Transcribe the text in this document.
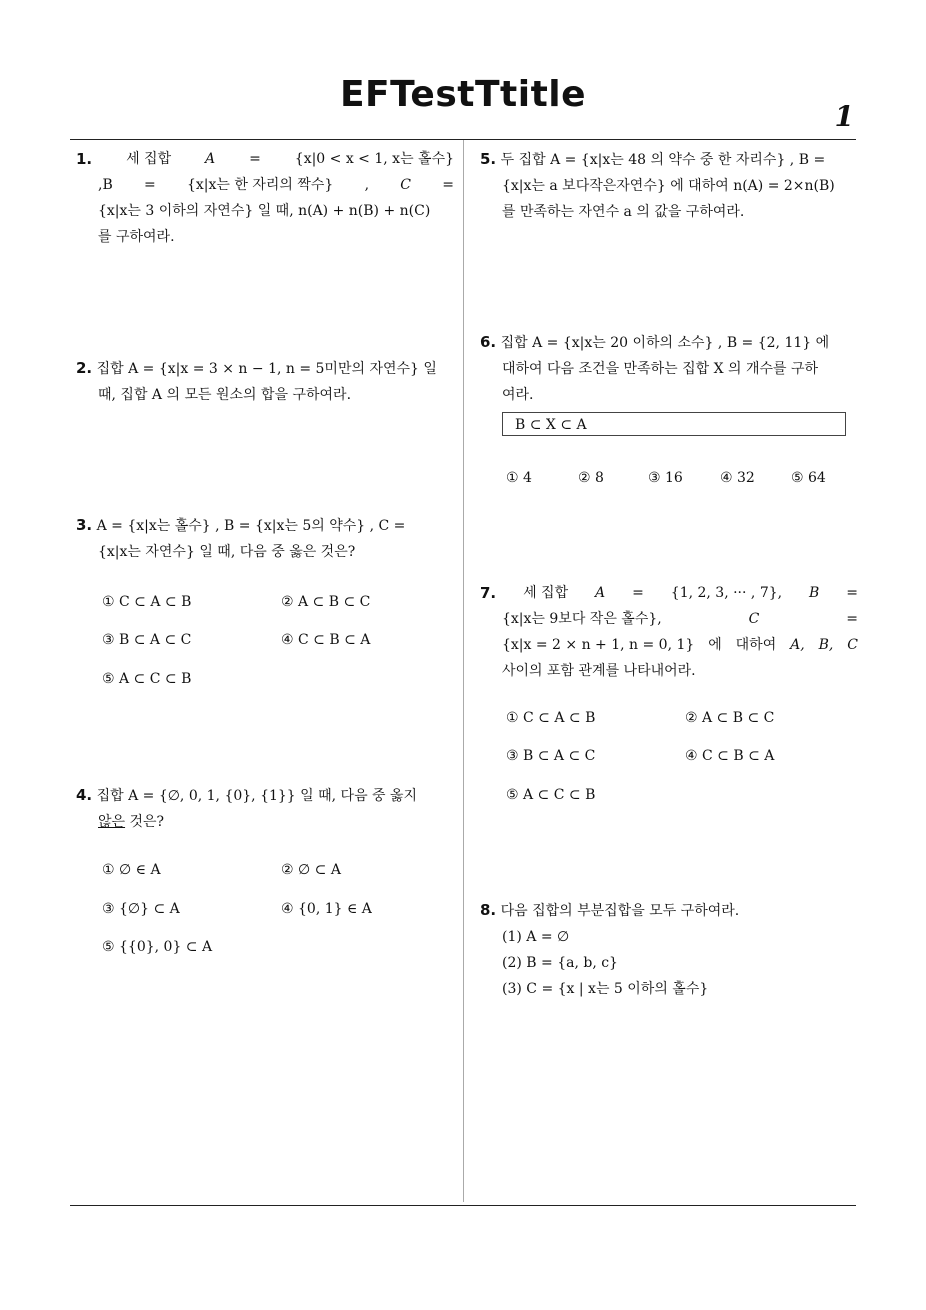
EFTestTtitle
1
1. 세 집합 A = {x|0 < x < 1, x는 홀수}
,B = {x|x는 한 자리의 짝수} , C =
{x|x는 3 이하의 자연수} 일 때, n(A) + n(B) + n(C)
를 구하여라.
2. 집합 A = {x|x = 3 × n − 1, n = 5미만의 자연수} 일
때, 집합 A 의 모든 원소의 합을 구하여라.
3. A = {x|x는 홀수} , B = {x|x는 5의 약수} , C =
{x|x는 자연수} 일 때, 다음 중 옳은 것은?
① C ⊂ A ⊂ B	② A ⊂ B ⊂ C
③ B ⊂ A ⊂ C	④ C ⊂ B ⊂ A
⑤ A ⊂ C ⊂ B
4. 집합 A = {∅, 0, 1, {0}, {1}} 일 때, 다음 중 옳지
않은 것은?
① ∅ ∈ A	② ∅ ⊂ A
③ {∅} ⊂ A	④ {0, 1} ∈ A
⑤ {{0}, 0} ⊂ A
5. 두 집합 A = {x|x는 48 의 약수 중 한 자리수} , B =
{x|x는 a 보다작은자연수} 에 대하여 n(A) = 2×n(B)
를 만족하는 자연수 a 의 값을 구하여라.
6. 집합 A = {x|x는 20 이하의 소수} , B = {2, 11} 에
대하여 다음 조건을 만족하는 집합 X 의 개수를 구하
여라.
B ⊂ X ⊂ A
① 4	② 8	③ 16	④ 32	⑤ 64
7. 세 집합 A = {1, 2, 3, ··· , 7}, B =
{x|x는 9보다 작은 홀수},	C	=
{x|x = 2 × n + 1, n = 0, 1} 에 대하여 A, B, C
사이의 포함 관계를 나타내어라.
① C ⊂ A ⊂ B	② A ⊂ B ⊂ C
③ B ⊂ A ⊂ C	④ C ⊂ B ⊂ A
⑤ A ⊂ C ⊂ B
8. 다음 집합의 부분집합을 모두 구하여라.
(1) A = ∅
(2) B = {a, b, c}
(3) C = {x | x는 5 이하의 홀수}
